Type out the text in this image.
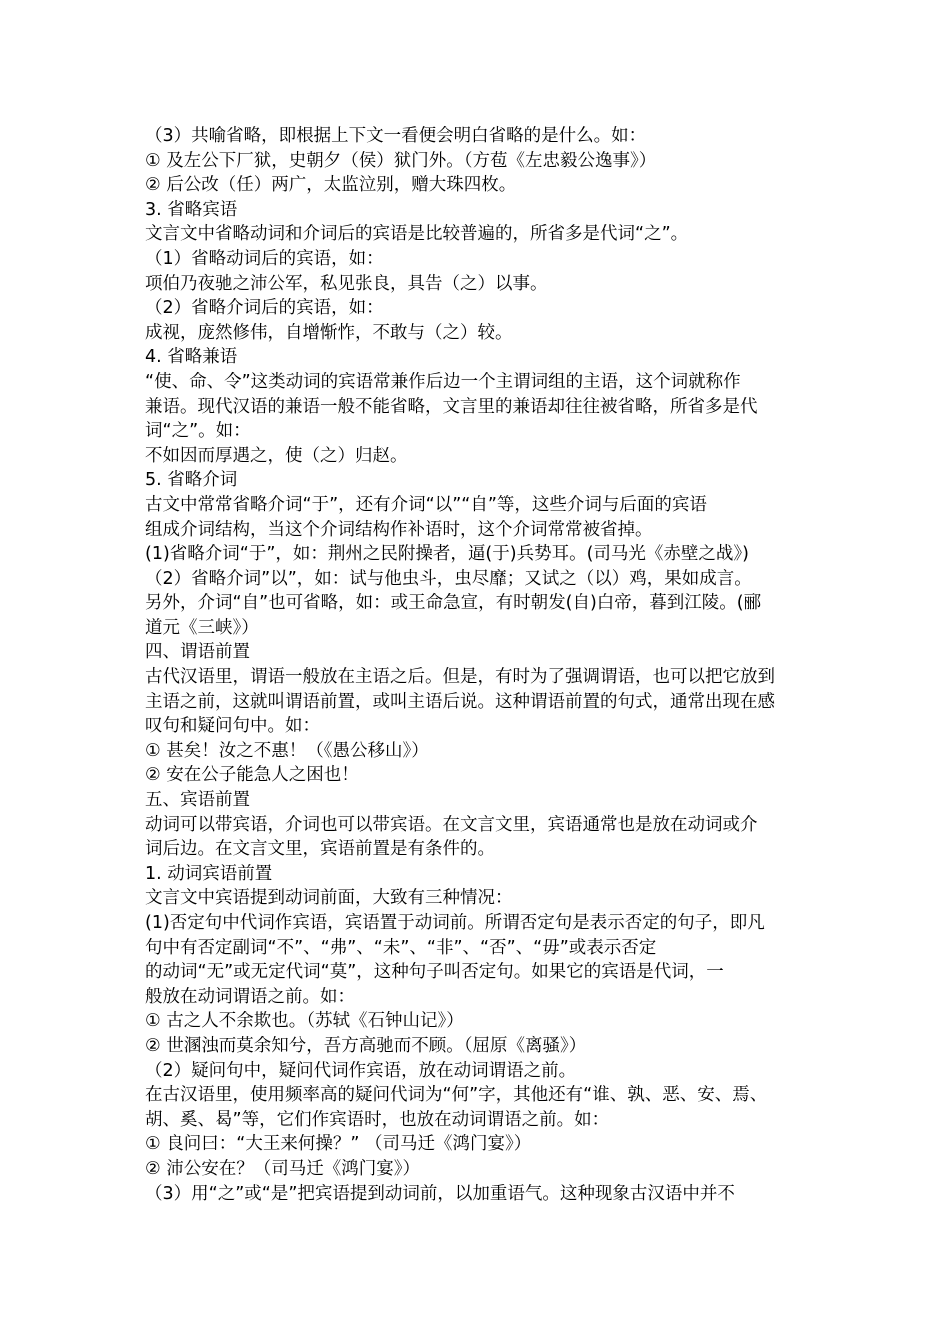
（3）共喻省略，即根据上下文一看便会明白省略的是什么。如：
① 及左公下厂狱，史朝夕（侯）狱门外。（方苞《左忠毅公逸事》）
② 后公改（任）两广，太监泣别，赠大珠四枚。
3. 省略宾语
文言文中省略动词和介词后的宾语是比较普遍的，所省多是代词“之”。
（1）省略动词后的宾语，如：
项伯乃夜驰之沛公军，私见张良，具告（之）以事。
（2）省略介词后的宾语，如：
成视，庞然修伟，自增惭怍，不敢与（之）较。
4. 省略兼语
“使、命、令”这类动词的宾语常兼作后边一个主谓词组的主语，这个词就称作
兼语。现代汉语的兼语一般不能省略，文言里的兼语却往往被省略，所省多是代
词“之”。如：
不如因而厚遇之，使（之）归赵。
5. 省略介词
古文中常常省略介词“于”，还有介词“以”“自”等，这些介词与后面的宾语
组成介词结构，当这个介词结构作补语时，这个介词常常被省掉。
(1)省略介词“于”，如：荆州之民附操者，逼(于)兵势耳。(司马光《赤壁之战》)
（2）省略介词”以”，如：试与他虫斗，虫尽靡；又试之（以）鸡，果如成言。
另外，介词“自”也可省略，如：或王命急宣，有时朝发(自)白帝，暮到江陵。(郦
道元《三峡》）
四、谓语前置
古代汉语里，谓语一般放在主语之后。但是，有时为了强调谓语，也可以把它放到
主语之前，这就叫谓语前置，或叫主语后说。这种谓语前置的句式，通常出现在感
叹句和疑问句中。如：
① 甚矣！汝之不惠！（《愚公移山》）
② 安在公子能急人之困也！
五、宾语前置
动词可以带宾语，介词也可以带宾语。在文言文里，宾语通常也是放在动词或介
词后边。在文言文里，宾语前置是有条件的。
1. 动词宾语前置
文言文中宾语提到动词前面，大致有三种情况：
(1)否定句中代词作宾语，宾语置于动词前。所谓否定句是表示否定的句子，即凡
句中有否定副词“不”、“弗”、“未”、“非”、“否”、“毋”或表示否定
的动词“无”或无定代词“莫”，这种句子叫否定句。如果它的宾语是代词，一
般放在动词谓语之前。如：
① 古之人不余欺也。（苏轼《石钟山记》）
② 世溷浊而莫余知兮，吾方高驰而不顾。（屈原《离骚》）
（2）疑问句中，疑问代词作宾语，放在动词谓语之前。
在古汉语里，使用频率高的疑问代词为“何”字，其他还有“谁、孰、恶、安、焉、
胡、奚、曷”等，它们作宾语时，也放在动词谓语之前。如：
① 良问曰：“大王来何操？” （司马迁《鸿门宴》）
② 沛公安在？（司马迁《鸿门宴》）
（3）用“之”或“是”把宾语提到动词前，以加重语气。这种现象古汉语中并不
